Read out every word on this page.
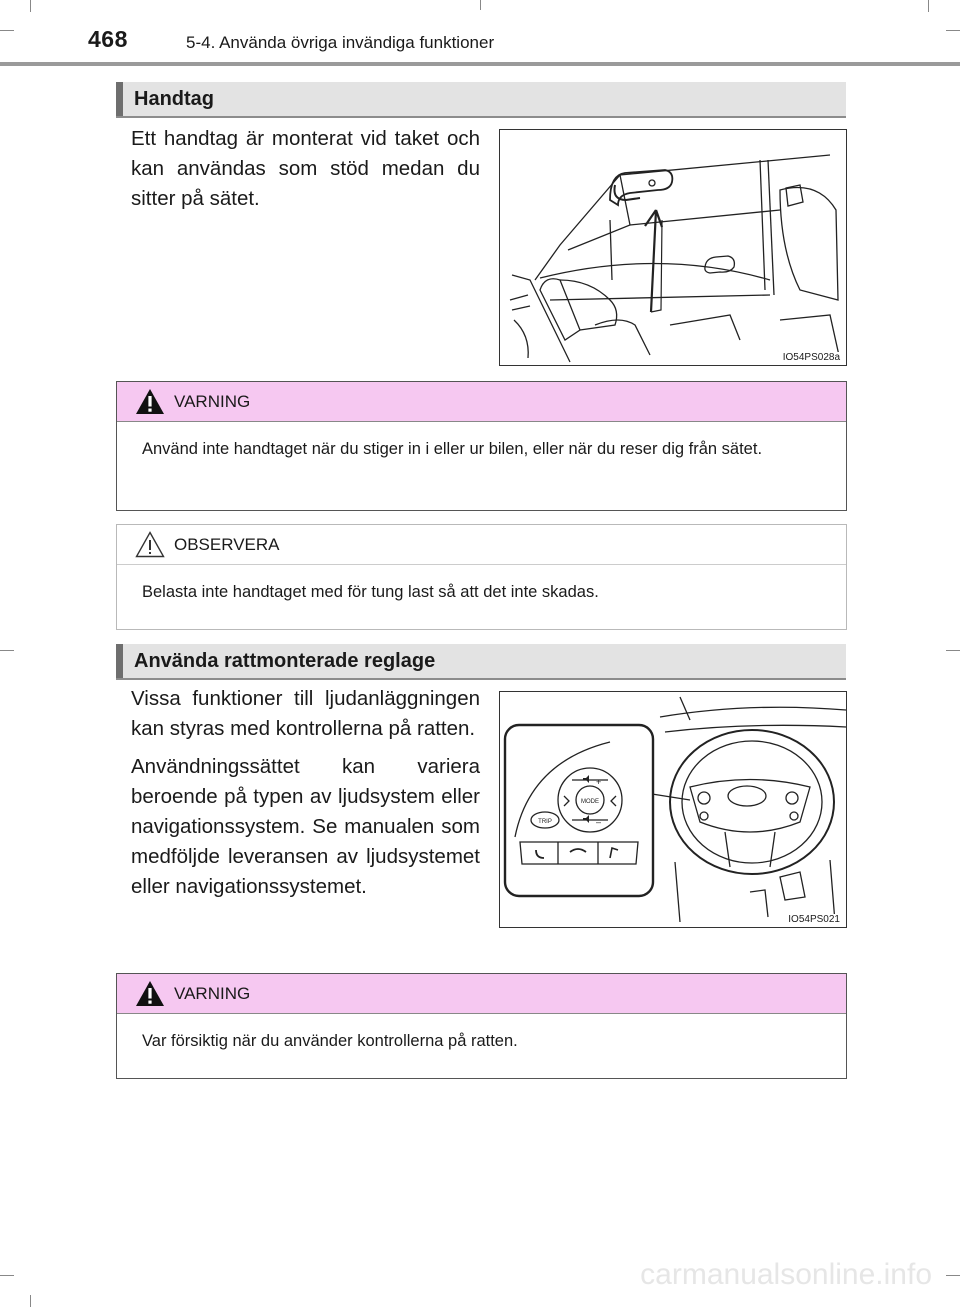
468	5-4. Använda övriga invändiga funktioner
Handtag

Ett handtag är monterat vid taket och kan användas som stöd medan du sitter på sätet.

IO54PS028a
VARNING
Använd inte handtaget när du stiger in i eller ur bilen, eller när du reser dig från sätet.
OBSERVERA
Belasta inte handtaget med för tung last så att det inte skadas.
Använda rattmonterade reglage

Vissa funktioner till ljudanläggningen kan styras med kontrollerna på ratten.

Användningssättet kan variera beroende på typen av ljudsystem eller navigationssystem. Se manualen som medföljde leveransen av ljudsystemet eller navigationssystemet.

MODE
TRIP
+
–
IO54PS021
VARNING
Var försiktig när du använder kontrollerna på ratten.
carmanualsonline.info
